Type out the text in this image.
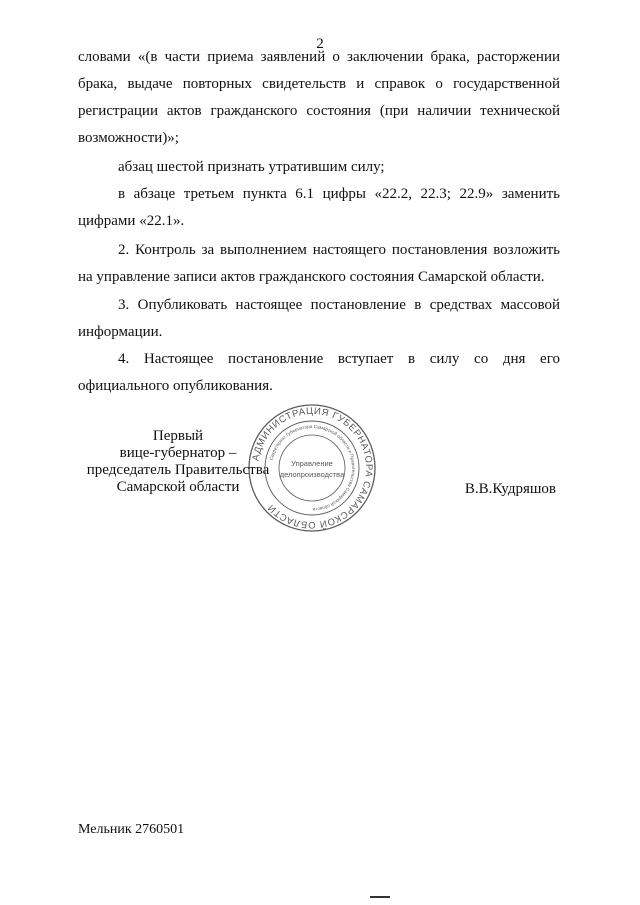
2
словами «(в части приема заявлений о заключении брака, расторжении
брака, выдаче повторных свидетельств и справок о государственной
регистрации актов гражданского состояния (при наличии технической
возможности)»;
абзац шестой признать утратившим силу;
в абзаце третьем пункта 6.1 цифры «22.2, 22.3; 22.9» заменить
цифрами «22.1».
2. Контроль за выполнением настоящего постановления возложить
на управление записи актов гражданского состояния Самарской области.
3. Опубликовать настоящее постановление в средствах массовой
информации.
4. Настоящее постановление вступает в силу со дня его
официального опубликования.
Первый
вице-губернатор –
председатель Правительства
Самарской области
АДМИНИСТРАЦИЯ ГУБЕРНАТОРА САМАРСКОЙ ОБЛАСТИ
Секретариат Губернатора Самарской области и Правительства Самарской области
Управление
делопроизводства
В.В.Кудряшов
Мельник 2760501
